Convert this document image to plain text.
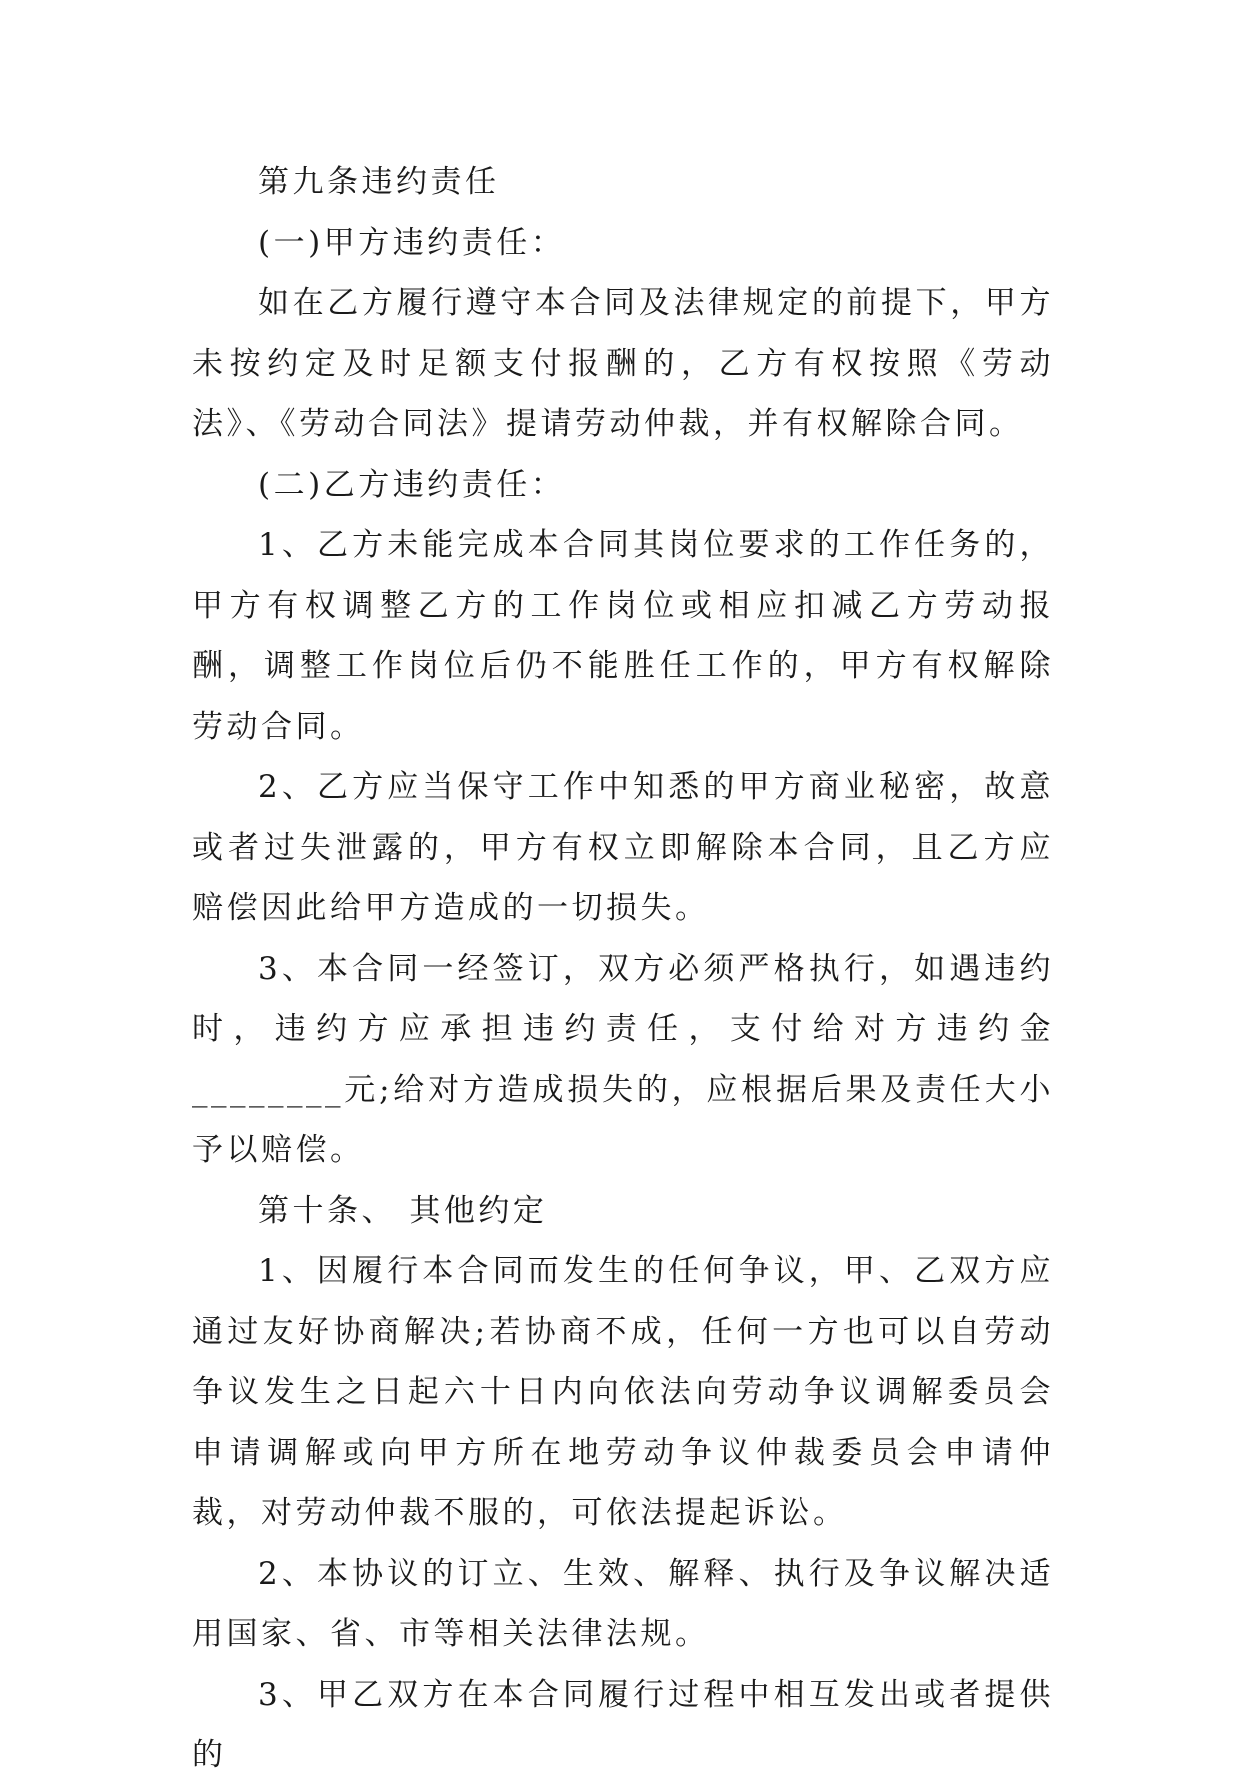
第九条违约责任

(一)甲方违约责任：

如在乙方履行遵守本合同及法律规定的前提下，甲方未按约定及时足额支付报酬的，乙方有权按照《劳动法》、《劳动合同法》提请劳动仲裁，并有权解除合同。

(二)乙方违约责任：

1、乙方未能完成本合同其岗位要求的工作任务的，甲方有权调整乙方的工作岗位或相应扣减乙方劳动报酬，调整工作岗位后仍不能胜任工作的，甲方有权解除劳动合同。

2、乙方应当保守工作中知悉的甲方商业秘密，故意或者过失泄露的，甲方有权立即解除本合同，且乙方应赔偿因此给甲方造成的一切损失。

3、本合同一经签订，双方必须严格执行，如遇违约时，违约方应承担违约责任，支付给对方违约金________元;给对方造成损失的，应根据后果及责任大小予以赔偿。

第十条、 其他约定

1、因履行本合同而发生的任何争议，甲、乙双方应通过友好协商解决;若协商不成，任何一方也可以自劳动争议发生之日起六十日内向依法向劳动争议调解委员会申请调解或向甲方所在地劳动争议仲裁委员会申请仲裁，对劳动仲裁不服的，可依法提起诉讼。

2、本协议的订立、生效、解释、执行及争议解决适用国家、省、市等相关法律法规。

3、甲乙双方在本合同履行过程中相互发出或者提供的
